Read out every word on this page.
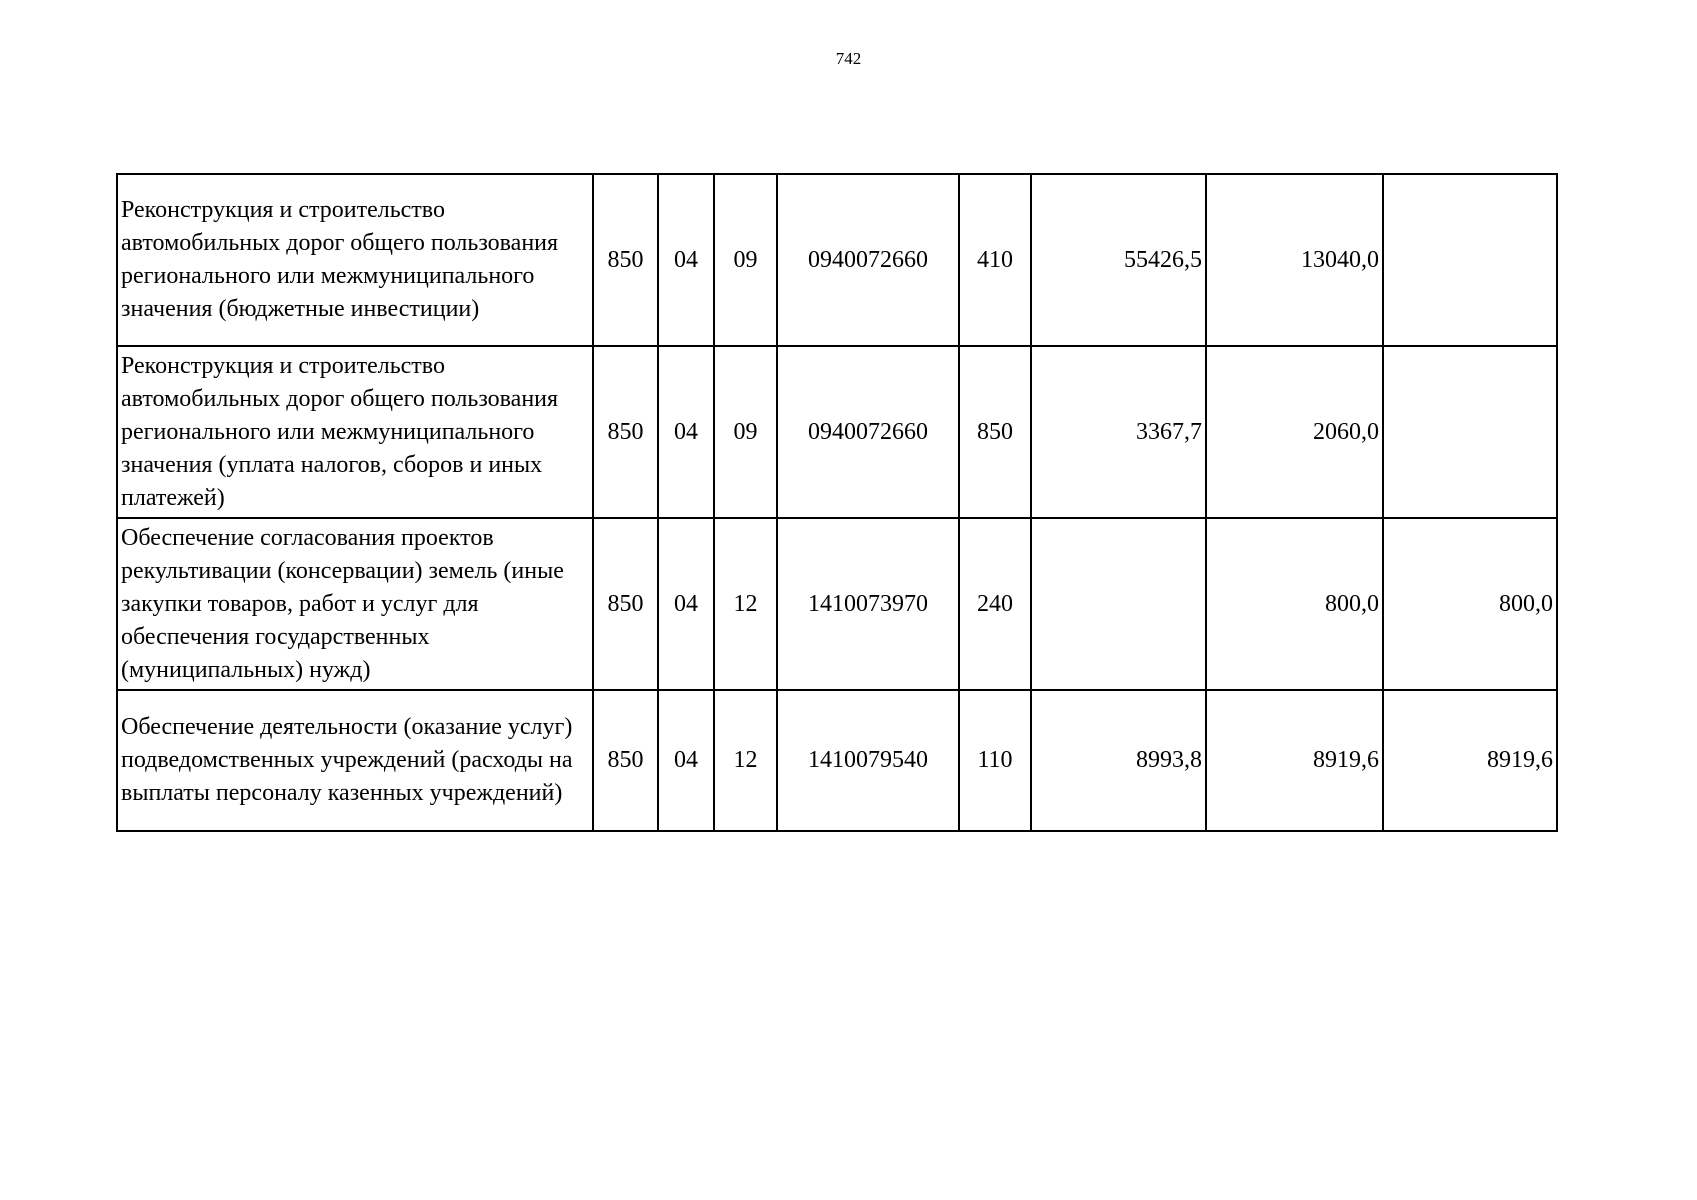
742
Реконструкция и строительство автомобильных дорог общего пользования регионального или межмуниципального значения (бюджетные инвестиции)	850	04	09	0940072660	410	55426,5	13040,0	
Реконструкция и строительство автомобильных дорог общего пользования регионального или межмуниципального значения (уплата налогов, сборов и иных платежей)	850	04	09	0940072660	850	3367,7	2060,0	
Обеспечение согласования проектов рекультивации (консервации) земель (иные закупки товаров, работ и услуг для обеспечения государственных (муниципальных) нужд)	850	04	12	1410073970	240		800,0	800,0
Обеспечение деятельности (оказание услуг) подведомственных учреждений (расходы на выплаты персоналу казенных учреждений)	850	04	12	1410079540	110	8993,8	8919,6	8919,6
